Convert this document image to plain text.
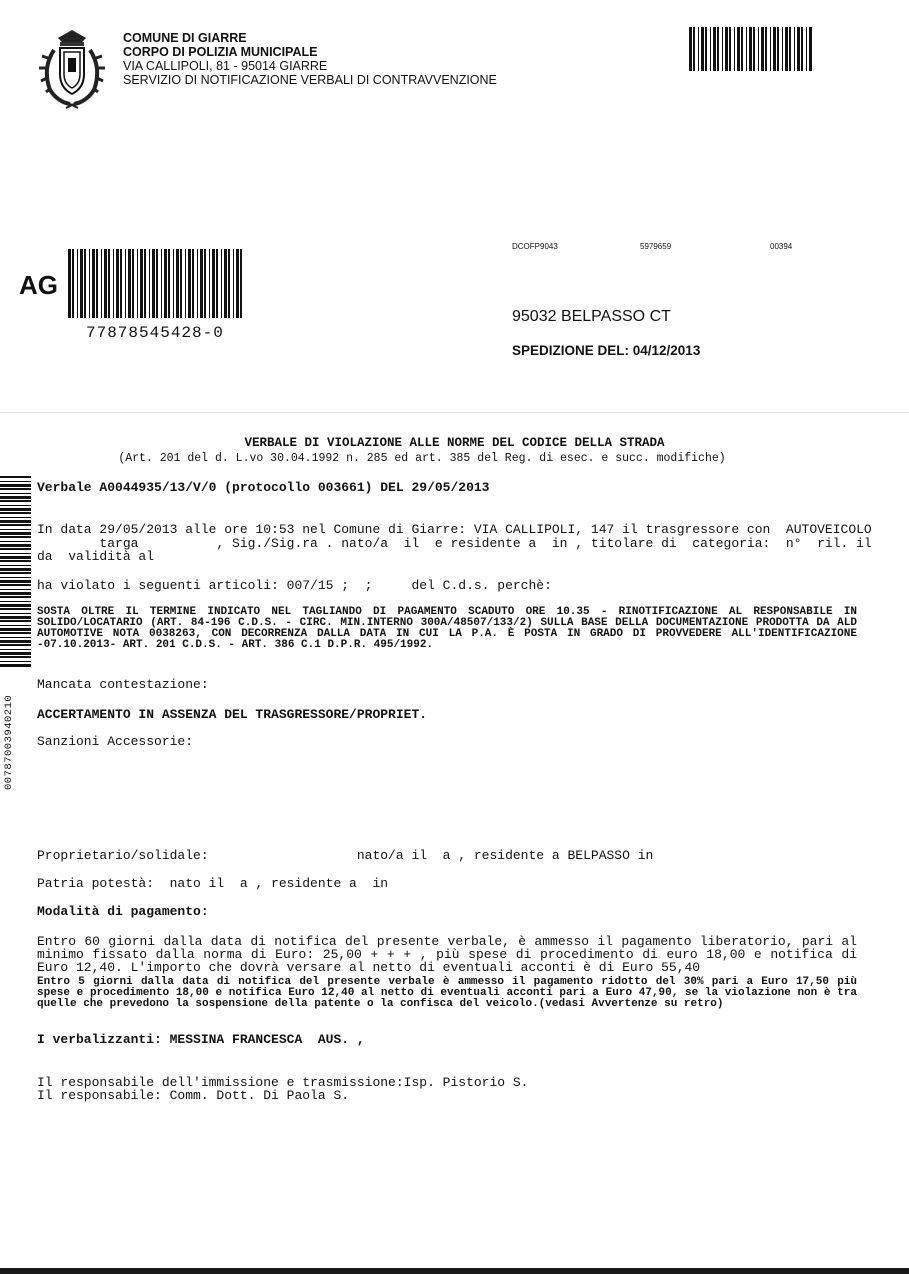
COMUNE DI GIARRE
CORPO DI POLIZIA MUNICIPALE
VIA CALLIPOLI, 81 - 95014 GIARRE
SERVIZIO DI NOTIFICAZIONE VERBALI DI CONTRAVVENZIONE
DCOFP9043	5979659	00394
AG
77878545428-0
95032 BELPASSO CT
SPEDIZIONE DEL: 04/12/2013
VERBALE DI VIOLAZIONE ALLE NORME DEL CODICE DELLA STRADA
(Art. 201 del d. L.vo 30.04.1992 n. 285 ed art. 385 del Reg. di esec. e succ. modifiche)
00787003940210
Verbale A0044935/13/V/0 (protocollo 003661) DEL 29/05/2013
In data 29/05/2013 alle ore 10:53 nel Comune di Giarre: VIA CALLIPOLI, 147 il trasgressore con  AUTOVEICOLO
targa          , Sig./Sig.ra . nato/a  il  e residente a  in , titolare di  categoria:  n°  ril. il
da  validità al
ha violato i seguenti articoli: 007/15 ;  ;     del C.d.s. perchè:
SOSTA OLTRE IL TERMINE INDICATO NEL TAGLIANDO DI PAGAMENTO SCADUTO ORE 10.35 - RINOTIFICAZIONE AL RESPONSABILE IN SOLIDO/LOCATARIO (ART. 84-196 C.D.S. - CIRC. MIN.INTERNO 300A/48507/133/2) SULLA BASE DELLA DOCUMENTAZIONE PRODOTTA DA ALD AUTOMOTIVE NOTA 0038263, CON DECORRENZA DALLA DATA IN CUI LA P.A. È POSTA IN GRADO DI PROVVEDERE ALL'IDENTIFICAZIONE -07.10.2013- ART. 201 C.D.S. - ART. 386 C.1 D.P.R. 495/1992.
Mancata contestazione:
ACCERTAMENTO IN ASSENZA DEL TRASGRESSORE/PROPRIET.
Sanzioni Accessorie:
Proprietario/solidale:                   nato/a il  a , residente a BELPASSO in
Patria potestà:  nato il  a , residente a  in
Modalità di pagamento:
Entro 60 giorni dalla data di notifica del presente verbale, è ammesso il pagamento liberatorio, pari al minimo fissato dalla norma di Euro: 25,00 + + + , più spese di procedimento di euro 18,00 e notifica di Euro 12,40. L'importo che dovrà versare al netto di eventuali acconti è di Euro 55,40
Entro 5 giorni dalla data di notifica del presente verbale è ammesso il pagamento ridotto del 30% pari a Euro 17,50 più spese e procedimento 18,00 e notifica Euro 12,40 al netto di eventuali acconti pari a Euro 47,90, se la violazione non è tra quelle che prevedono la sospensione della patente o la confisca del veicolo.(vedasi Avvertenze su retro)
I verbalizzanti: MESSINA FRANCESCA  AUS. ,
Il responsabile dell'immissione e trasmissione:Isp. Pistorio S.
Il responsabile: Comm. Dott. Di Paola S.
